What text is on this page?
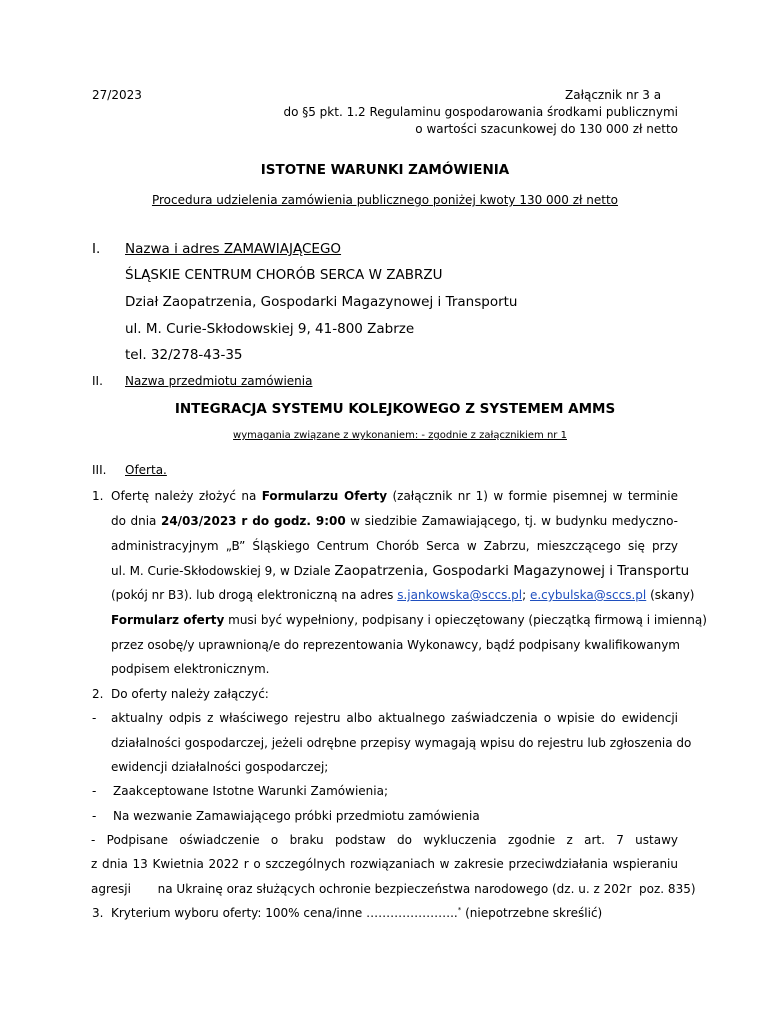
27/2023	Załącznik nr 3 a
do §5 pkt. 1.2 Regulaminu gospodarowania środkami publicznymi
o wartości szacunkowej do 130 000 zł netto
ISTOTNE WARUNKI ZAMÓWIENIA
Procedura udzielenia zamówienia publicznego poniżej kwoty 130 000 zł netto
I. Nazwa i adres ZAMAWIAJĄCEGO
ŚLĄSKIE CENTRUM CHORÓB SERCA W ZABRZU
Dział Zaopatrzenia, Gospodarki Magazynowej i Transportu
ul. M. Curie-Skłodowskiej 9, 41-800 Zabrze
tel. 32/278-43-35
II. Nazwa przedmiotu zamówienia
INTEGRACJA SYSTEMU KOLEJKOWEGO Z SYSTEMEM AMMS
wymagania związane z wykonaniem: - zgodnie z załącznikiem nr 1
III. Oferta.
1. Ofertę należy złożyć na Formularzu Oferty (załącznik nr 1) w formie pisemnej w terminie
do dnia 24/03/2023 r do godz. 9:00 w siedzibie Zamawiającego, tj. w budynku medyczno-
administracyjnym „B” Śląskiego Centrum Chorób Serca w Zabrzu, mieszczącego się przy
ul. M. Curie-Skłodowskiej 9, w Dziale Zaopatrzenia, Gospodarki Magazynowej i Transportu
(pokój nr B3). lub drogą elektroniczną na adres s.jankowska@sccs.pl; e.cybulska@sccs.pl (skany)
Formularz oferty musi być wypełniony, podpisany i opieczętowany (pieczątką firmową i imienną)
przez osobę/y uprawnioną/e do reprezentowania Wykonawcy, bądź podpisany kwalifikowanym
podpisem elektronicznym.
2. Do oferty należy załączyć:
- aktualny odpis z właściwego rejestru albo aktualnego zaświadczenia o wpisie do ewidencji
działalności gospodarczej, jeżeli odrębne przepisy wymagają wpisu do rejestru lub zgłoszenia do
ewidencji działalności gospodarczej;
- Zaakceptowane Istotne Warunki Zamówienia;
- Na wezwanie Zamawiającego próbki przedmiotu zamówienia
- Podpisane oświadczenie o braku podstaw do wykluczenia zgodnie z art. 7 ustawy
z dnia 13 Kwietnia 2022 r o szczególnych rozwiązaniach w zakresie przeciwdziałania wspieraniu
agresji       na Ukrainę oraz służących ochronie bezpieczeństwa narodowego (dz. u. z 202r  poz. 835)
3. Kryterium wyboru oferty: 100% cena/inne …………………..* (niepotrzebne skreślić)
